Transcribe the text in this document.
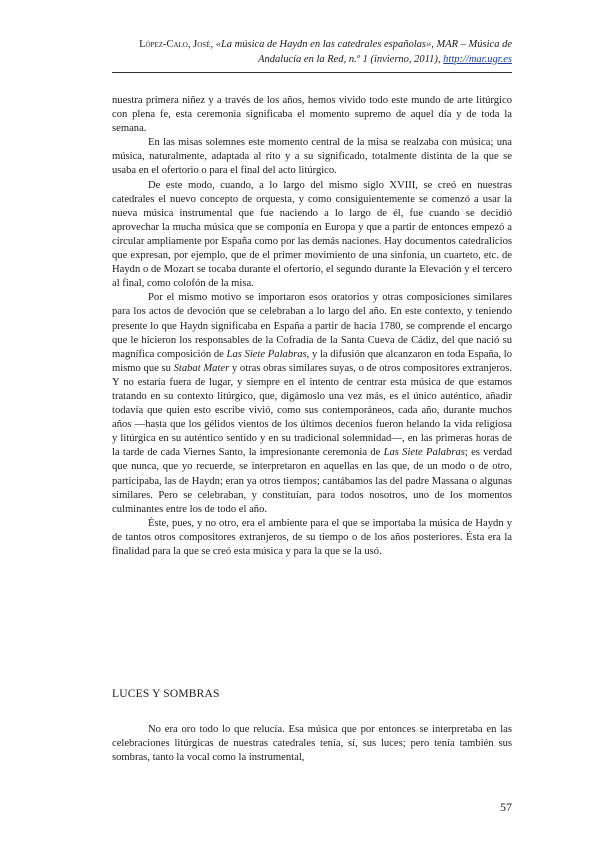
López-Calo, José, «La música de Haydn en las catedrales españolas», MAR – Música de Andalucía en la Red, n.º 1 (invierno, 2011), http://mar.ugr.es

nuestra primera niñez y a través de los años, hemos vivido todo este mundo de arte litúrgico con plena fe, esta ceremonia significaba el momento supremo de aquel día y de toda la semana.

En las misas solemnes este momento central de la misa se realzaba con música; una música, naturalmente, adaptada al rito y a su significado, totalmente distinta de la que se usaba en el ofertorio o para el final del acto litúrgico.

De este modo, cuando, a lo largo del mismo siglo XVIII, se creó en nuestras catedrales el nuevo concepto de orquesta, y como consiguientemente se comenzó a usar la nueva música instrumental que fue naciendo a lo largo de él, fue cuando se decidió aprovechar la mucha música que se componía en Europa y que a partir de entonces empezó a circular ampliamente por España como por las demás naciones. Hay documentos catedralicios que expresan, por ejemplo, que de el primer movimiento de una sinfonía, un cuarteto, etc. de Haydn o de Mozart se tocaba durante el ofertorio, el segundo durante la Elevación y el tercero al final, como colofón de la misa.

Por el mismo motivo se importaron esos oratorios y otras composiciones similares para los actos de devoción que se celebraban a lo largo del año. En este contexto, y teniendo presente lo que Haydn significaba en España a partir de hacia 1780, se comprende el encargo que le hicieron los responsables de la Cofradía de la Santa Cueva de Cádiz, del que nació su magnífica composición de Las Siete Palabras, y la difusión que alcanzaron en toda España, lo mismo que su Stabat Mater y otras obras similares suyas, o de otros compositores extranjeros. Y no estaría fuera de lugar, y siempre en el intento de centrar esta música de que estamos tratando en su contexto litúrgico, que, digámoslo una vez más, es el único auténtico, añadir todavía que quien esto escribe vivió, como sus contemporáneos, cada año, durante muchos años —hasta que los gélidos vientos de los últimos decenios fueron helando la vida religiosa y litúrgica en su auténtico sentido y en su tradicional solemnidad—, en las primeras horas de la tarde de cada Viernes Santo, la impresionante ceremonia de Las Siete Palabras; es verdad que nunca, que yo recuerde, se interpretaron en aquellas en las que, de un modo o de otro, participaba, las de Haydn; eran ya otros tiempos; cantábamos las del padre Massana o algunas similares. Pero se celebraban, y constituían, para todos nosotros, uno de los momentos culminantes entre los de todo el año.

Éste, pues, y no otro, era el ambiente para el que se importaba la música de Haydn y de tantos otros compositores extranjeros, de su tiempo o de los años posteriores. Ésta era la finalidad para la que se creó esta música y para la que se la usó.

LUCES Y SOMBRAS

No era oro todo lo que relucía. Esa música que por entonces se interpretaba en las celebraciones litúrgicas de nuestras catedrales tenía, sí, sus luces; pero tenía también sus sombras, tanto la vocal como la instrumental,

57
